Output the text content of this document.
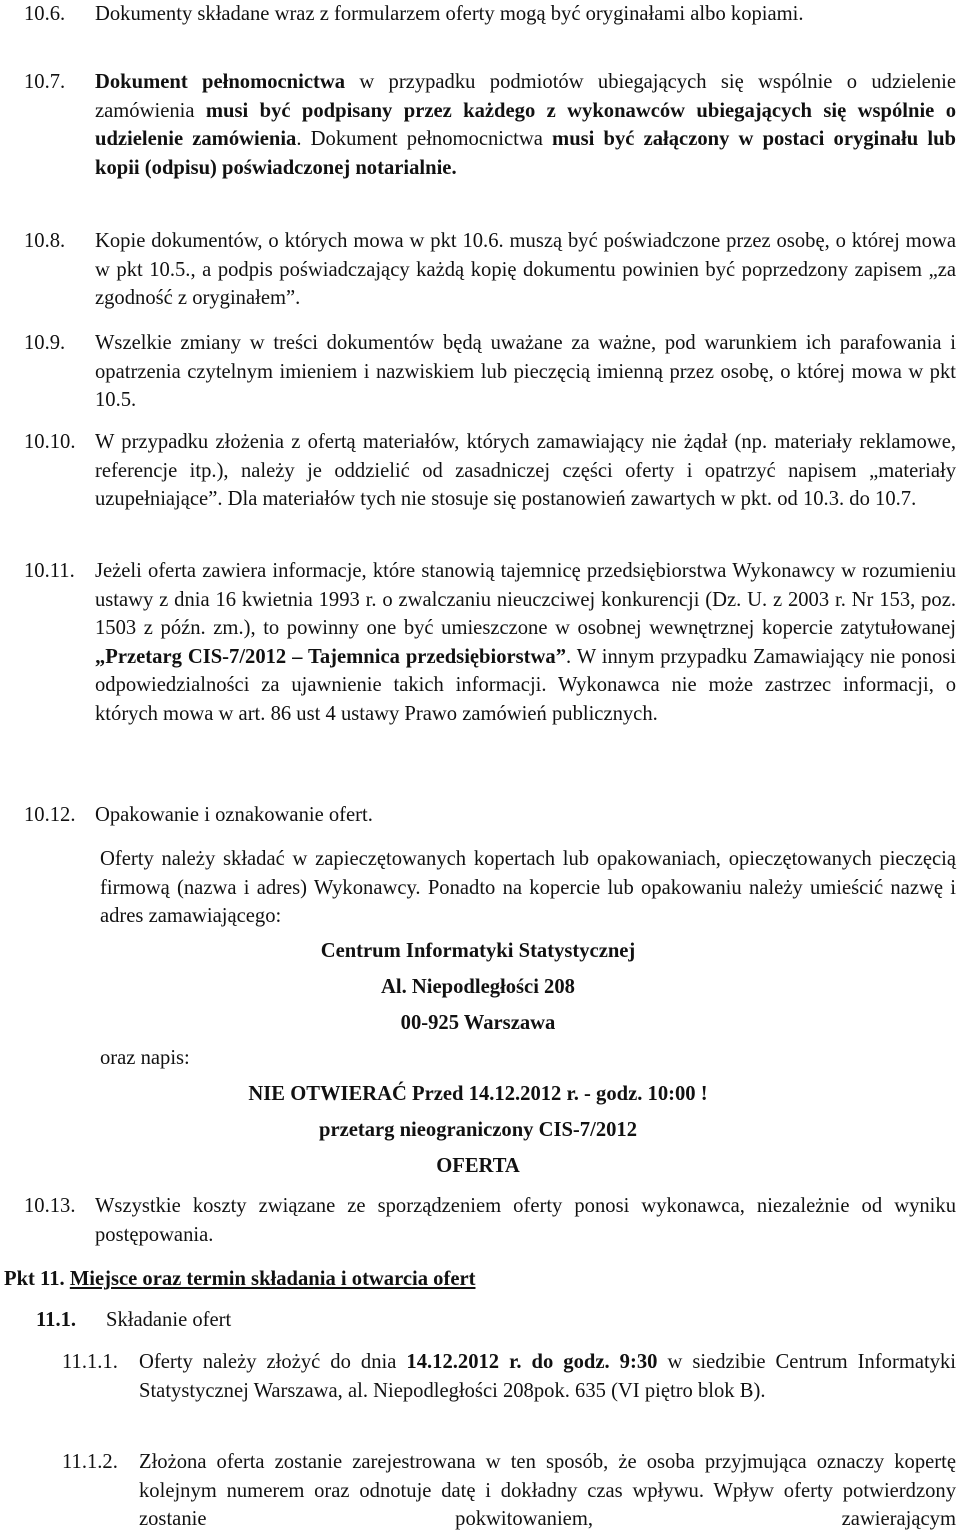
10.6. Dokumenty składane wraz z formularzem oferty mogą być oryginałami albo kopiami.
10.7. Dokument pełnomocnictwa w przypadku podmiotów ubiegających się wspólnie o udzielenie zamówienia musi być podpisany przez każdego z wykonawców ubiegających się wspólnie o udzielenie zamówienia. Dokument pełnomocnictwa musi być załączony w postaci oryginału lub kopii (odpisu) poświadczonej notarialnie.
10.8. Kopie dokumentów, o których mowa w pkt 10.6. muszą być poświadczone przez osobę, o której mowa w pkt 10.5., a podpis poświadczający każdą kopię dokumentu powinien być poprzedzony zapisem „za zgodność z oryginałem”.
10.9. Wszelkie zmiany w treści dokumentów będą uważane za ważne, pod warunkiem ich parafowania i opatrzenia czytelnym imieniem i nazwiskiem lub pieczęcią imienną przez osobę, o której mowa w pkt 10.5.
10.10. W przypadku złożenia z ofertą materiałów, których zamawiający nie żądał (np. materiały reklamowe, referencje itp.), należy je oddzielić od zasadniczej części oferty i opatrzyć napisem „materiały uzupełniające”. Dla materiałów tych nie stosuje się postanowień zawartych w pkt. od 10.3. do 10.7.
10.11. Jeżeli oferta zawiera informacje, które stanowią tajemnicę przedsiębiorstwa Wykonawcy w rozumieniu ustawy z dnia 16 kwietnia 1993 r. o zwalczaniu nieuczciwej konkurencji (Dz. U. z 2003 r. Nr 153, poz. 1503 z późn. zm.), to powinny one być umieszczone w osobnej wewnętrznej kopercie zatytułowanej „Przetarg CIS-7/2012 – Tajemnica przedsiębiorstwa”. W innym przypadku Zamawiający nie ponosi odpowiedzialności za ujawnienie takich informacji. Wykonawca nie może zastrzec informacji, o których mowa w art. 86 ust 4 ustawy Prawo zamówień publicznych.
10.12. Opakowanie i oznakowanie ofert.
Oferty należy składać w zapieczętowanych kopertach lub opakowaniach, opieczętowanych pieczęcią firmową (nazwa i adres) Wykonawcy. Ponadto na kopercie lub opakowaniu należy umieścić nazwę i adres zamawiającego:
Centrum Informatyki Statystycznej
Al. Niepodległości 208
00-925 Warszawa
oraz napis:
NIE OTWIERAĆ Przed 14.12.2012 r. - godz. 10:00 !
przetarg nieograniczony CIS-7/2012
OFERTA
10.13. Wszystkie koszty związane ze sporządzeniem oferty ponosi wykonawca, niezależnie od wyniku postępowania.
Pkt 11. Miejsce oraz termin składania i otwarcia ofert
11.1. Składanie ofert
11.1.1. Oferty należy złożyć do dnia 14.12.2012 r. do godz. 9:30 w siedzibie Centrum Informatyki Statystycznej Warszawa, al. Niepodległości 208pok. 635 (VI piętro blok B).
11.1.2. Złożona oferta zostanie zarejestrowana w ten sposób, że osoba przyjmująca oznaczy kopertę kolejnym numerem oraz odnotuje datę i dokładny czas wpływu. Wpływ oferty potwierdzony zostanie pokwitowaniem, zawierającym
